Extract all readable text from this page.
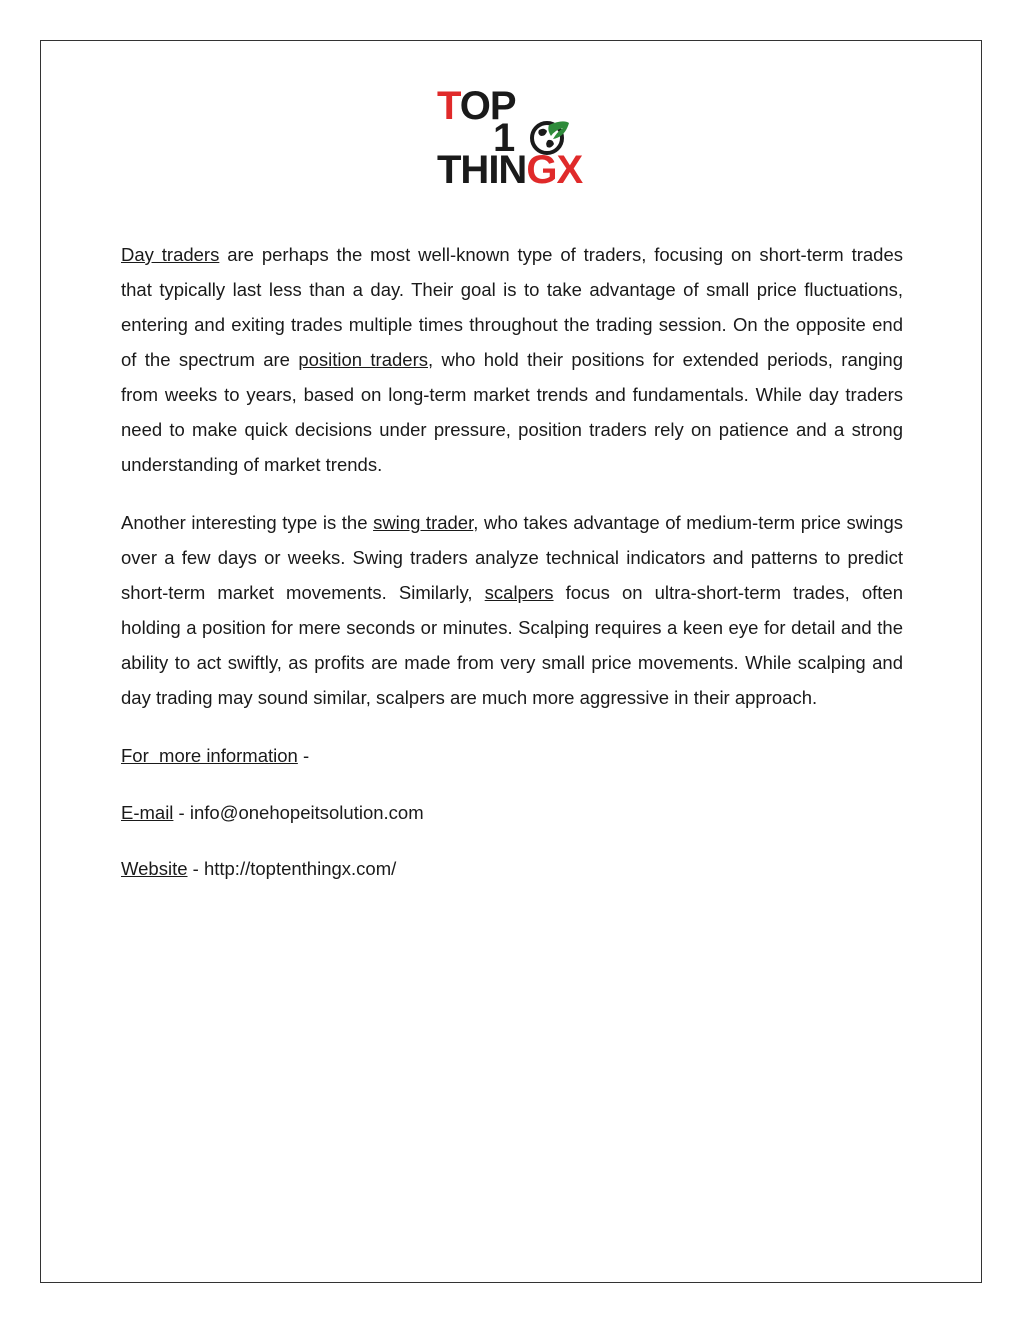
TOP
1
THINGX

Day traders are perhaps the most well-known type of traders, focusing on short-term trades that typically last less than a day. Their goal is to take advantage of small price fluctuations, entering and exiting trades multiple times throughout the trading session. On the opposite end of the spectrum are position traders, who hold their positions for extended periods, ranging from weeks to years, based on long-term market trends and fundamentals. While day traders need to make quick decisions under pressure, position traders rely on patience and a strong understanding of market trends.

Another interesting type is the swing trader, who takes advantage of medium-term price swings over a few days or weeks. Swing traders analyze technical indicators and patterns to predict short-term market movements. Similarly, scalpers focus on ultra-short-term trades, often holding a position for mere seconds or minutes. Scalping requires a keen eye for detail and the ability to act swiftly, as profits are made from very small price movements. While scalping and day trading may sound similar, scalpers are much more aggressive in their approach.

For  more information -
E-mail - info@onehopeitsolution.com
Website - http://toptenthingx.com/
